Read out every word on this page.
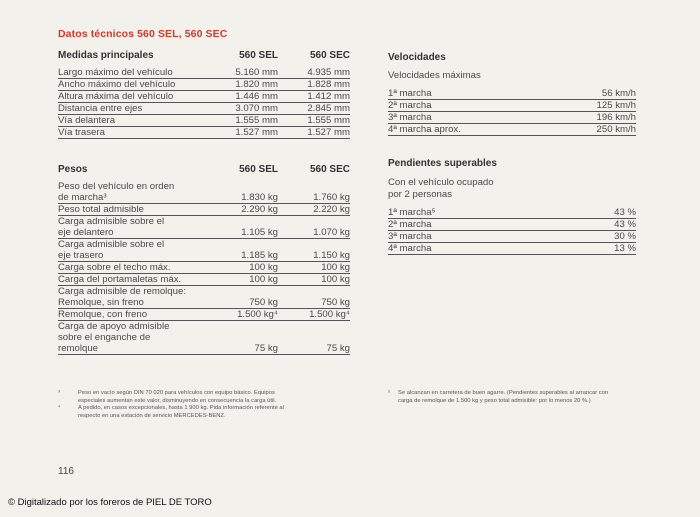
Datos técnicos 560 SEL, 560 SEC
Medidas principales	560 SEL	560 SEC
Largo máximo del vehículo	5.160 mm	4.935 mm
Ancho máximo del vehículo	1.820 mm	1.828 mm
Altura máxima del vehículo	1.446 mm	1.412 mm
Distancia entre ejes	3.070 mm	2.845 mm
Vía delantera	1.555 mm	1.555 mm
Vía trasera	1.527 mm	1.527 mm
Pesos	560 SEL	560 SEC
Peso del vehículo en orden		
de marcha³	1.830 kg	1.760 kg
Peso total admisible	2.290 kg	2.220 kg
Carga admisible sobre el		
eje delantero	1.105 kg	1.070 kg
Carga admisible sobre el		
eje trasero	1.185 kg	1.150 kg
Carga sobre el techo máx.	100 kg	100 kg
Carga del portamaletas máx.	100 kg	100 kg
Carga admisible de remolque:		
Remolque, sin freno	750 kg	750 kg
Remolque, con freno	1.500 kg⁴	1.500 kg⁴
Carga de apoyo admisible		
sobre el enganche de		
remolque	75 kg	75 kg
Velocidades
Velocidades máximas
1ª marcha	56 km/h
2ª marcha	125 km/h
3ª marcha	196 km/h
4ª marcha aprox.	250 km/h
Pendientes superables
Con el vehículo ocupado
por 2 personas
1ª marcha⁵	43 %
2ª marcha	43 %
3ª marcha	30 %
4ª marcha	13 %
³	Peso en vacío según DIN 70 020 para vehículos con equipo básico. Equipos
especiales aumentan este valor, disminuyendo en consecuencia la carga útil.
⁴	A pedido, en casos excepcionales, hasta 1 900 kg. Pida información referente al
respecto en una estación de servicio MERCEDES-BENZ.
⁵ Se alcanzan en carretera de buen agarre. (Pendientes superables al arrancar con
carga de remolque de 1.500 kg y peso total admisible: por lo menos 20 %.)
116
© Digitalizado por los foreros de PIEL DE TORO
